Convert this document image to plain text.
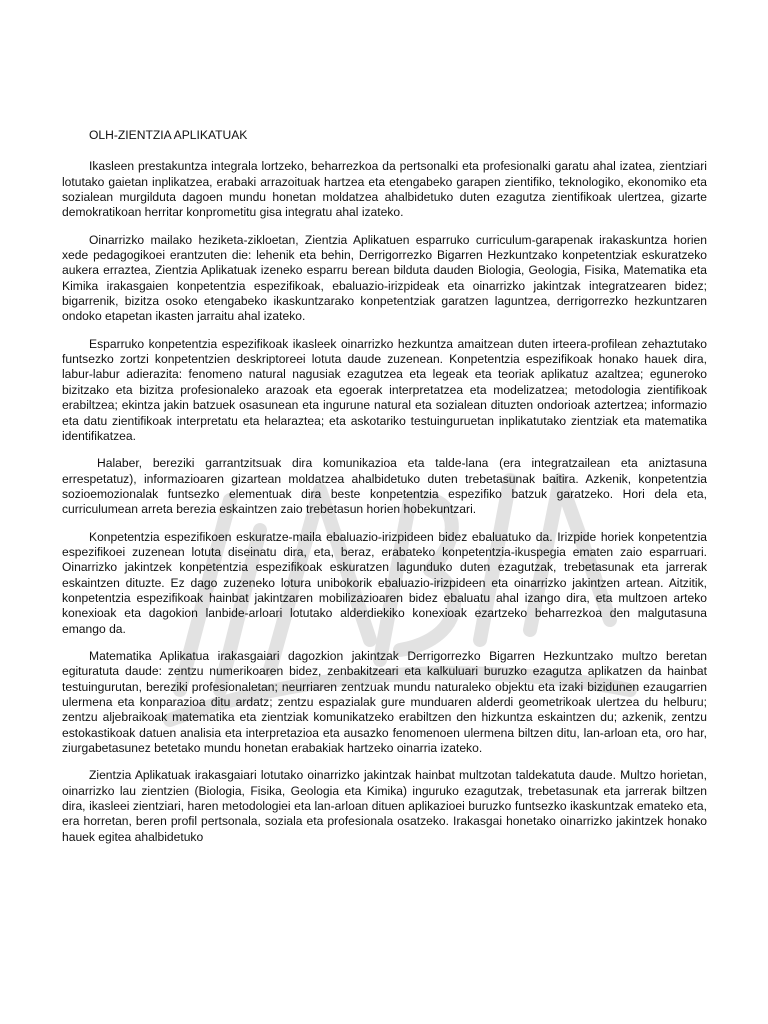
OLH-ZIENTZIA APLIKATUAK

Ikasleen prestakuntza integrala lortzeko, beharrezkoa da pertsonalki eta profesionalki garatu ahal izatea, zientziari lotutako gaietan inplikatzea, erabaki arrazoituak hartzea eta etengabeko garapen zientifiko, teknologiko, ekonomiko eta sozialean murgilduta dagoen mundu honetan moldatzea ahalbidetuko duten ezagutza zientifikoak ulertzea, gizarte demokratikoan herritar konprometitu gisa integratu ahal izateko.

Oinarrizko mailako heziketa-zikloetan, Zientzia Aplikatuen esparruko curriculum-garapenak irakaskuntza horien xede pedagogikoei erantzuten die: lehenik eta behin, Derrigorrezko Bigarren Hezkuntzako konpetentziak eskuratzeko aukera erraztea, Zientzia Aplikatuak izeneko esparru berean bilduta dauden Biologia, Geologia, Fisika, Matematika eta Kimika irakasgaien konpetentzia espezifikoak, ebaluazio-irizpideak eta oinarrizko jakintzak integratzearen bidez; bigarrenik, bizitza osoko etengabeko ikaskuntzarako konpetentziak garatzen laguntzea, derrigorrezko hezkuntzaren ondoko etapetan ikasten jarraitu ahal izateko.

Esparruko konpetentzia espezifikoak ikasleek oinarrizko hezkuntza amaitzean duten irteera-profilean zehaztutako funtsezko zortzi konpetentzien deskriptoreei lotuta daude zuzenean. Konpetentzia espezifikoak honako hauek dira, labur-labur adierazita: fenomeno natural nagusiak ezagutzea eta legeak eta teoriak aplikatuz azaltzea; eguneroko bizitzako eta bizitza profesionaleko arazoak eta egoerak interpretatzea eta modelizatzea; metodologia zientifikoak erabiltzea; ekintza jakin batzuek osasunean eta ingurune natural eta sozialean dituzten ondorioak aztertzea; informazio eta datu zientifikoak interpretatu eta helaraztea; eta askotariko testuinguruetan inplikatutako zientziak eta matematika identifikatzea.

Halaber, bereziki garrantzitsuak dira komunikazioa eta talde-lana (era integratzailean eta aniztasuna errespetatuz), informazioaren gizartean moldatzea ahalbidetuko duten trebetasunak baitira. Azkenik, konpetentzia sozioemozionalak funtsezko elementuak dira beste konpetentzia espezifiko batzuk garatzeko. Hori dela eta, curriculumean arreta berezia eskaintzen zaio trebetasun horien hobekuntzari.

Konpetentzia espezifikoen eskuratze-maila ebaluazio-irizpideen bidez ebaluatuko da. Irizpide horiek konpetentzia espezifikoei zuzenean lotuta diseinatu dira, eta, beraz, erabateko konpetentzia-ikuspegia ematen zaio esparruari. Oinarrizko jakintzek konpetentzia espezifikoak eskuratzen lagunduko duten ezagutzak, trebetasunak eta jarrerak eskaintzen dituzte. Ez dago zuzeneko lotura unibokorik ebaluazio-irizpideen eta oinarrizko jakintzen artean. Aitzitik, konpetentzia espezifikoak hainbat jakintzaren mobilizazioaren bidez ebaluatu ahal izango dira, eta multzoen arteko konexioak eta dagokion lanbide-arloari lotutako alderdiekiko konexioak ezartzeko beharrezkoa den malgutasuna emango da.

Matematika Aplikatua irakasgaiari dagozkion jakintzak Derrigorrezko Bigarren Hezkuntzako multzo beretan egituratuta daude: zentzu numerikoaren bidez, zenbakitzeari eta kalkuluari buruzko ezagutza aplikatzen da hainbat testuingurutan, bereziki profesionaletan; neurriaren zentzuak mundu naturaleko objektu eta izaki bizidunen ezaugarrien ulermena eta konparazioa ditu ardatz; zentzu espazialak gure munduaren alderdi geometrikoak ulertzea du helburu; zentzu aljebraikoak matematika eta zientziak komunikatzeko erabiltzen den hizkuntza eskaintzen du; azkenik, zentzu estokastikoak datuen analisia eta interpretazioa eta ausazko fenomenoen ulermena biltzen ditu, lan-arloan eta, oro har, ziurgabetasunez betetako mundu honetan erabakiak hartzeko oinarria izateko.

Zientzia Aplikatuak irakasgaiari lotutako oinarrizko jakintzak hainbat multzotan taldekatuta daude. Multzo horietan, oinarrizko lau zientzien (Biologia, Fisika, Geologia eta Kimika) inguruko ezagutzak, trebetasunak eta jarrerak biltzen dira, ikasleei zientziari, haren metodologiei eta lan-arloan dituen aplikazioei buruzko funtsezko ikaskuntzak emateko eta, era horretan, beren profil pertsonala, soziala eta profesionala osatzeko. Irakasgai honetako oinarrizko jakintzek honako hauek egitea ahalbidetuko
